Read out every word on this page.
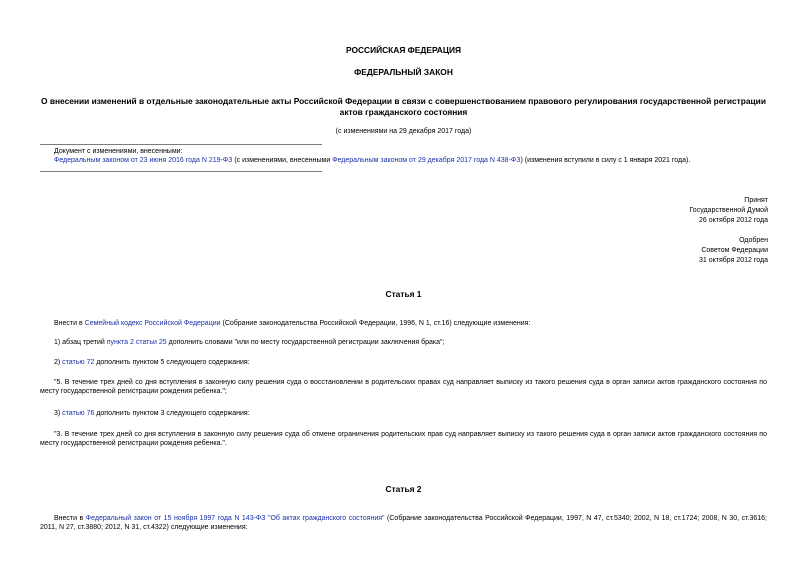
РОССИЙСКАЯ ФЕДЕРАЦИЯ
ФЕДЕРАЛЬНЫЙ ЗАКОН
О внесении изменений в отдельные законодательные акты Российской Федерации в связи с совершенствованием правового регулирования государственной регистрации актов гражданского состояния
(с изменениями на 29 декабря 2017 года)
Документ с изменениями, внесенными:
Федеральным законом от 23 июня 2016 года N 219-ФЗ (с изменениями, внесенными Федеральным законом от 29 декабря 2017 года N 438-ФЗ) (изменения вступили в силу с 1 января 2021 года).
Принят
Государственной Думой
26 октября 2012 года
Одобрен
Советом Федерации
31 октября 2012 года
Статья 1
Внести в Семейный кодекс Российской Федерации (Собрание законодательства Российской Федерации, 1996, N 1, ст.16) следующие изменения:
1) абзац третий пункта 2 статьи 25 дополнить словами "или по месту государственной регистрации заключения брака";
2) статью 72 дополнить пунктом 5 следующего содержания:
"5. В течение трех дней со дня вступления в законную силу решения суда о восстановлении в родительских правах суд направляет выписку из такого решения суда в орган записи актов гражданского состояния по месту государственной регистрации рождения ребенка.";
3) статью 76 дополнить пунктом 3 следующего содержания:
"3. В течение трех дней со дня вступления в законную силу решения суда об отмене ограничения родительских прав суд направляет выписку из такого решения суда в орган записи актов гражданского состояния по месту государственной регистрации рождения ребенка.".
Статья 2
Внести в Федеральный закон от 15 ноября 1997 года N 143-ФЗ "Об актах гражданского состояния" (Собрание законодательства Российской Федерации, 1997, N 47, ст.5340; 2002, N 18, ст.1724; 2008, N 30, ст.3616; 2011, N 27, ст.3880; 2012, N 31, ст.4322) следующие изменения:
